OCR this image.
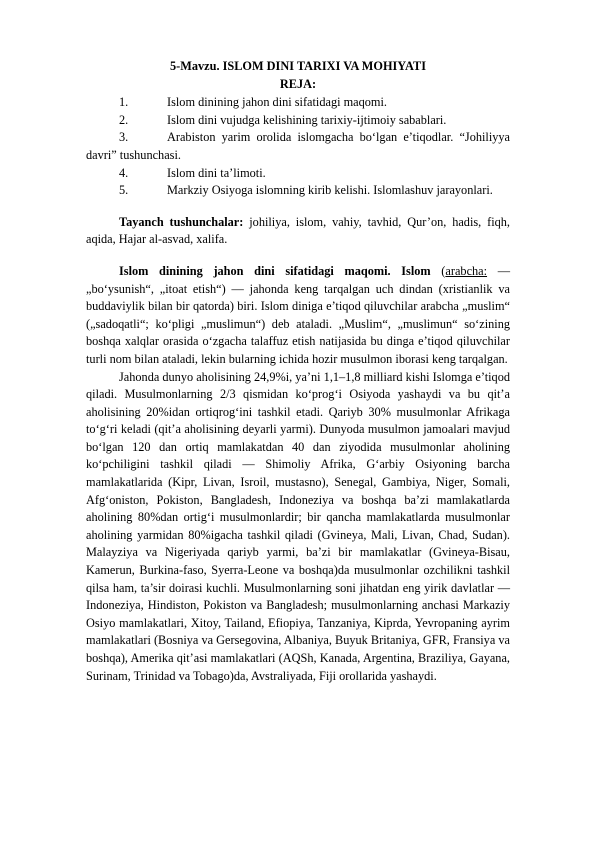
5-Mavzu. ISLOM DINI TARIXI VA MOHIYATI
REJA:
1.	Islom dinining jahon dini sifatidagi maqomi.
2.	Islom dini vujudga kelishining tarixiy-ijtimoiy sabablari.
3.	Arabiston yarim orolida islomgacha bo‘lgan e’tiqodlar. “Johiliyya davri” tushunchasi.
4.	Islom dini ta’limoti.
5.	Markziy Osiyoga islomning kirib kelishi. Islomlashuv jarayonlari.

Tayanch tushunchalar: johiliya, islom, vahiy, tavhid, Qur’on, hadis, fiqh, aqida, Hajar al-asvad, xalifa.

Islom dinining jahon dini sifatidagi maqomi. Islom (arabcha: — „bo‘ysunish“, „itoat etish“) — jahonda keng tarqalgan uch dindan (xristianlik va buddaviylik bilan bir qatorda) biri. Islom diniga e’tiqod qiluvchilar arabcha „muslim“ („sadoqatli“; ko‘pligi „muslimun“) deb ataladi. „Muslim“, „muslimun“ so‘zining boshqa xalqlar orasida o‘zgacha talaffuz etish natijasida bu dinga e’tiqod qiluvchilar turli nom bilan ataladi, lekin bularning ichida hozir musulmon iborasi keng tarqalgan.

Jahonda dunyo aholisining 24,9%i, ya’ni 1,1–1,8 milliard kishi Islomga e’tiqod qiladi. Musulmonlarning 2/3 qismidan ko‘prog‘i Osiyoda yashaydi va bu qit’a aholisining 20%idan ortiqrog‘ini tashkil etadi. Qariyb 30% musulmonlar Afrikaga to‘g‘ri keladi (qit’a aholisining deyarli yarmi). Dunyoda musulmon jamoalari mavjud bo‘lgan 120 dan ortiq mamlakatdan 40 dan ziyodida musulmonlar aholining ko‘pchiligini tashkil qiladi — Shimoliy Afrika, G‘arbiy Osiyoning barcha mamlakatlarida (Kipr, Livan, Isroil, mustasno), Senegal, Gambiya, Niger, Somali, Afg‘oniston, Pokiston, Bangladesh, Indoneziya va boshqa ba’zi mamlakatlarda aholining 80%dan ortig‘i musulmonlardir; bir qancha mamlakatlarda musulmonlar aholining yarmidan 80%igacha tashkil qiladi (Gvineya, Mali, Livan, Chad, Sudan). Malayziya va Nigeriyada qariyb yarmi, ba’zi bir mamlakatlar (Gvineya-Bisau, Kamerun, Burkina-faso, Syerra-Leone va boshqa)da musulmonlar ozchilikni tashkil qilsa ham, ta’sir doirasi kuchli. Musulmonlarning soni jihatdan eng yirik davlatlar — Indoneziya, Hindiston, Pokiston va Bangladesh; musulmonlarning anchasi Markaziy Osiyo mamlakatlari, Xitoy, Tailand, Efiopiya, Tanzaniya, Kiprda, Yevropaning ayrim mamlakatlari (Bosniya va Gersegovina, Albaniya, Buyuk Britaniya, GFR, Fransiya va boshqa), Amerika qit’asi mamlakatlari (AQSh, Kanada, Argentina, Braziliya, Gayana, Surinam, Trinidad va Tobago)da, Avstraliyada, Fiji orollarida yashaydi.
